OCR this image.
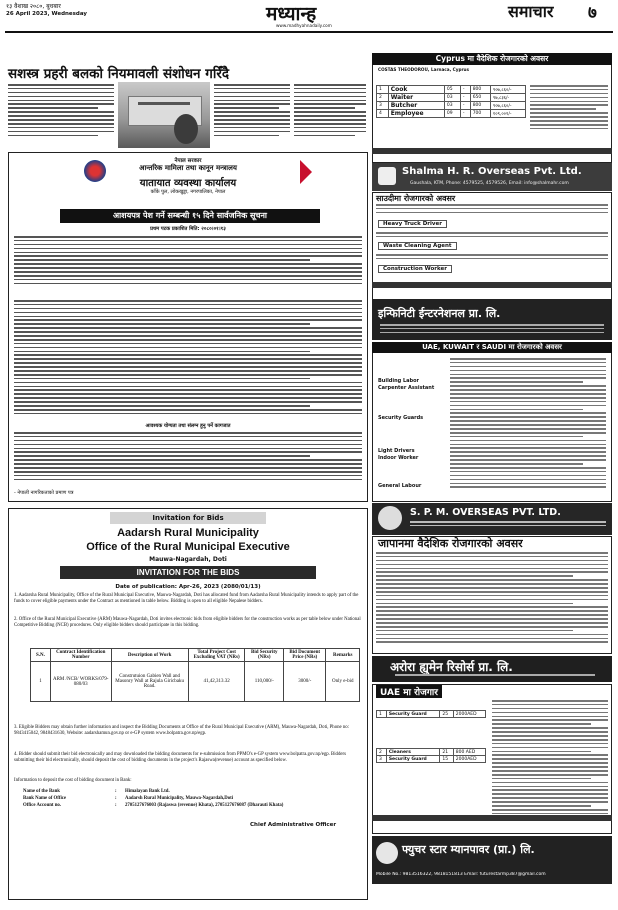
१३ वैशाख २०८०, बुधबार
26 April 2023, Wednesday	मध्यान्ह
www.madhyahnadaily.com
समाचार ७
सशस्त्र प्रहरी बलको नियमावली संशोधन गरिँदै
नेपाल सरकार
आन्तरिक मामिला तथा कानून मन्त्रालय
यातायात व्यवस्था कार्यालय
काँके पुल, लोकखुड्डा, नगरपालिका, नेपाल
आशयपत्र पेश गर्ने सम्बन्धी १५ दिने सार्वजनिक सूचना
प्रथम पटक प्रकाशित मिति: २०८०।०१।१३
आवश्यक योग्यता तथा संलग्न हुनु पर्ने कागजात
- नेपाली नागरिकताको प्रमाण पत्र
Invitation for Bids
Aadarsh Rural Municipality
Office of the Rural Municipal Executive
Mauwa-Nagardah, Doti
INVITATION FOR THE BIDS
Date of publication: Apr-26, 2023 (2080/01/13)
1. Aadarsha Rural Municipality, Office of the Rural Municipal Executive, Mauwa-Nagardah, Doti has allocated fund from Aadarsha Rural Municipality intends to apply part of the funds to cover eligible payments under the Contract as mentioned in table below. Bidding is open to all eligible Nepalese bidders.
2. Office of the Rural Municipal Executive (ARM) Mauwa-Nagardah, Doti invites electronic bids from eligible bidders for the construction works as per table below under National Competitive Bidding (NCB) procedures. Only eligible bidders should participate in this bidding.
S.N.	Contract Identification Number	Description of Work	Total Project Cost Excluding VAT (NRs)	Bid Security (NRs)	Bid Document Price (NRs)	Remarks
1	ARM /NCB/ WORKS/079-080/03	Construtuion Gabien Wall and Masonry Wall at Rajula Giricbaku Road.	41,42,313.32	110,000/-	3000/-	Only e-bid
3. Eligible Bidders may obtain further information and inspect the Bidding Documents at Office of the Rural Municipal Executive (ARM), Mauwa-Nagardah, Doti, Phone no: 9843415042, 9848431630, Website: aadarshamun.gov.np or e-GP system www.bolpatra.gov.np/egp.
4. Bidder should submit their bid electronically and may downloaded the bidding documents for e-submission from PPMO's e-GP system www.bolpatra.gov.np/egp. Bidders submitting their bid electronically, should deposit the cost of bidding documents in the project's Rajaswa(revenue) account as specified below.
Information to deposit the cost of bidding document in Bank:
Name of the Bank	:	Himalayan Bank Ltd.
Bank Name of Office	:	Aadarsh Rural Municipality, Mauwa-Nagardah,Doti
Office Account no.	:	2705127676003 (Rajaswa (revenue) Khata), 2705127676087 (Dharauti Khata)
Chief Administrative Officer
Cyprus मा वैदेशिक रोजगारको अवसर
COSTAS THEODOROU, Larnaca, Cyprus
1	Cook	05	-	800	९०७,८६०/-
2	Waiter	03	-	650	९७,८३६/-
3	Butcher	03	-	800	९०७,८६०/-
4	Employee	09	-	700	१०९,००१/-
Shalma H. R. Overseas Pvt. Ltd.
Gaushala, KTM, Phone: 4579525, 4579526, Email: info@shalmahr.com
साउदीमा रोजगारको अवसर
Heavy Truck Driver
Waste Cleaning Agent
Construction Worker
इन्फिनिटी ईन्टरनेशनल प्रा. लि.
UAE, KUWAIT र SAUDI मा रोजगारको अवसर
Building Labor
Carpenter Assistant
Security Guards
Light Drivers
Indoor Worker
General Labour
S. P. M. OVERSEAS PVT. LTD.
जापानमा वैदेशिक रोजगारको अवसर
अरोरा ह्युमेन रिसोर्स प्रा. लि.
UAE मा रोजगार
1	Security Guard	25	2000AED
2	Cleaners	21	800 AED
3	Security Guard	15	2000AED
फ्युचर स्टार म्यानपावर (प्रा.) लि.
Mobile No.: 9813516322, 9818151813 Email: futurestarmp387@gmail.com
